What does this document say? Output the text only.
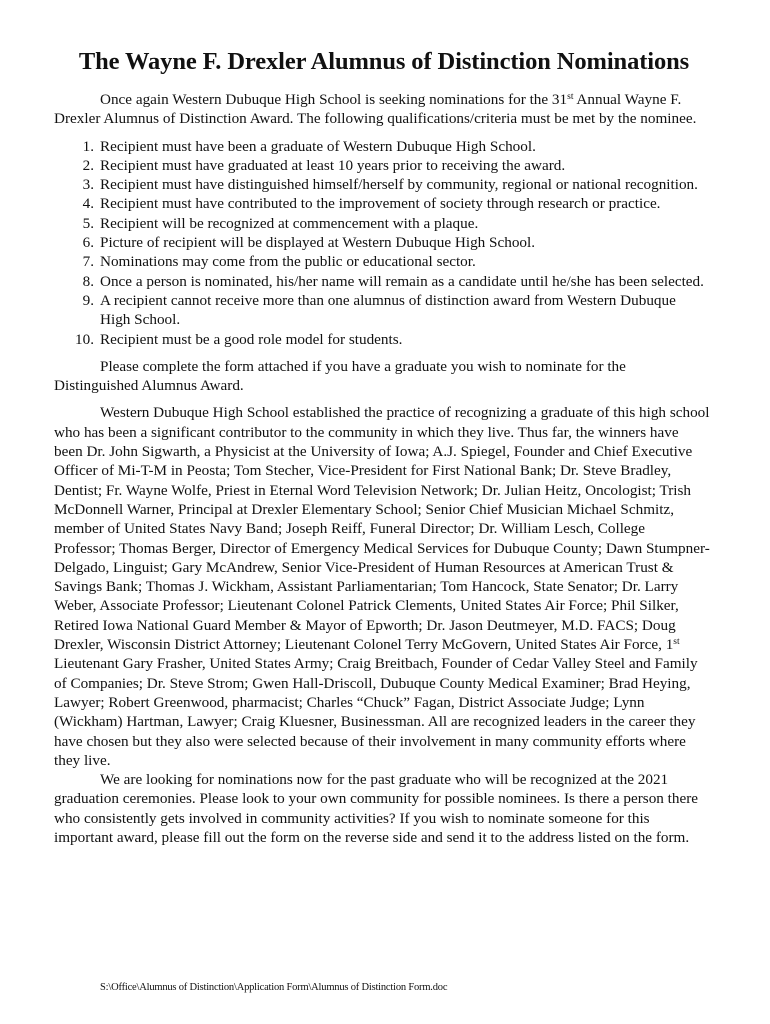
The Wayne F. Drexler Alumnus of Distinction Nominations

Once again Western Dubuque High School is seeking nominations for the 31st Annual Wayne F. Drexler Alumnus of Distinction Award. The following qualifications/criteria must be met by the nominee.

1. Recipient must have been a graduate of Western Dubuque High School.
2. Recipient must have graduated at least 10 years prior to receiving the award.
3. Recipient must have distinguished himself/herself by community, regional or national recognition.
4. Recipient must have contributed to the improvement of society through research or practice.
5. Recipient will be recognized at commencement with a plaque.
6. Picture of recipient will be displayed at Western Dubuque High School.
7. Nominations may come from the public or educational sector.
8. Once a person is nominated, his/her name will remain as a candidate until he/she has been selected.
9. A recipient cannot receive more than one alumnus of distinction award from Western Dubuque High School.
10. Recipient must be a good role model for students.

Please complete the form attached if you have a graduate you wish to nominate for the Distinguished Alumnus Award.

Western Dubuque High School established the practice of recognizing a graduate of this high school who has been a significant contributor to the community in which they live. Thus far, the winners have been Dr. John Sigwarth, a Physicist at the University of Iowa; A.J. Spiegel, Founder and Chief Executive Officer of Mi-T-M in Peosta; Tom Stecher, Vice-President for First National Bank; Dr. Steve Bradley, Dentist; Fr. Wayne Wolfe, Priest in Eternal Word Television Network; Dr. Julian Heitz, Oncologist; Trish McDonnell Warner, Principal at Drexler Elementary School; Senior Chief Musician Michael Schmitz, member of United States Navy Band; Joseph Reiff, Funeral Director; Dr. William Lesch, College Professor; Thomas Berger, Director of Emergency Medical Services for Dubuque County; Dawn Stumpner-Delgado, Linguist; Gary McAndrew, Senior Vice-President of Human Resources at American Trust & Savings Bank; Thomas J. Wickham, Assistant Parliamentarian; Tom Hancock, State Senator; Dr. Larry Weber, Associate Professor; Lieutenant Colonel Patrick Clements, United States Air Force; Phil Silker, Retired Iowa National Guard Member & Mayor of Epworth; Dr. Jason Deutmeyer, M.D. FACS; Doug Drexler, Wisconsin District Attorney; Lieutenant Colonel Terry McGovern, United States Air Force, 1st Lieutenant Gary Frasher, United States Army; Craig Breitbach, Founder of Cedar Valley Steel and Family of Companies; Dr. Steve Strom; Gwen Hall-Driscoll, Dubuque County Medical Examiner; Brad Heying, Lawyer; Robert Greenwood, pharmacist; Charles “Chuck” Fagan, District Associate Judge; Lynn (Wickham) Hartman, Lawyer; Craig Kluesner, Businessman. All are recognized leaders in the career they have chosen but they also were selected because of their involvement in many community efforts where they live.

We are looking for nominations now for the past graduate who will be recognized at the 2021 graduation ceremonies. Please look to your own community for possible nominees. Is there a person there who consistently gets involved in community activities? If you wish to nominate someone for this important award, please fill out the form on the reverse side and send it to the address listed on the form.

S:\Office\Alumnus of Distinction\Application Form\Alumnus of Distinction Form.doc
